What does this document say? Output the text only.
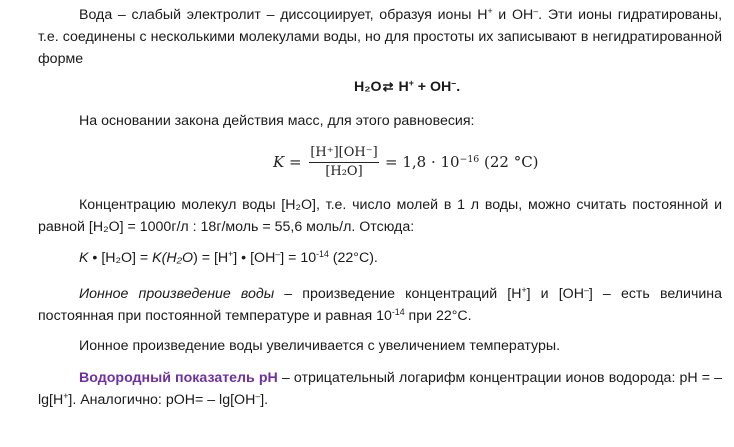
Вода – слабый электролит – диссоциирует, образуя ионы H+ и OH–. Эти ионы гидратированы, т.е. соединены с несколькими молекулами воды, но для простоты их записывают в негидратированной форме

H₂O⇄ H+ + OH–.

На основании закона действия масс, для этого равновесия:

K =
[H⁺][OH⁻]
[H₂O]
= $1,8 \cdot 10^{-16}$ (22 °C)

Концентрацию молекул воды [H₂O], т.е. число молей в 1 л воды, можно считать постоянной и равной [H₂O] = 1000г/л : 18г/моль = 55,6 моль/л. Отсюда:

K • [H₂O] = K(H₂O) = [H+] • $[OH^-] = 10^{-14}$ (22°C).

Ионное произведение воды – произведение концентраций [H+] и [OH–] – есть величина постоянная при постоянной температуре и равная $10^{-14}$ при 22°C.

Ионное произведение воды увеличивается с увеличением температуры.

Водородный показатель pH – отрицательный логарифм концентрации ионов водорода: pH = –lg[H+]. Аналогично: pOH= – lg[OH–].
